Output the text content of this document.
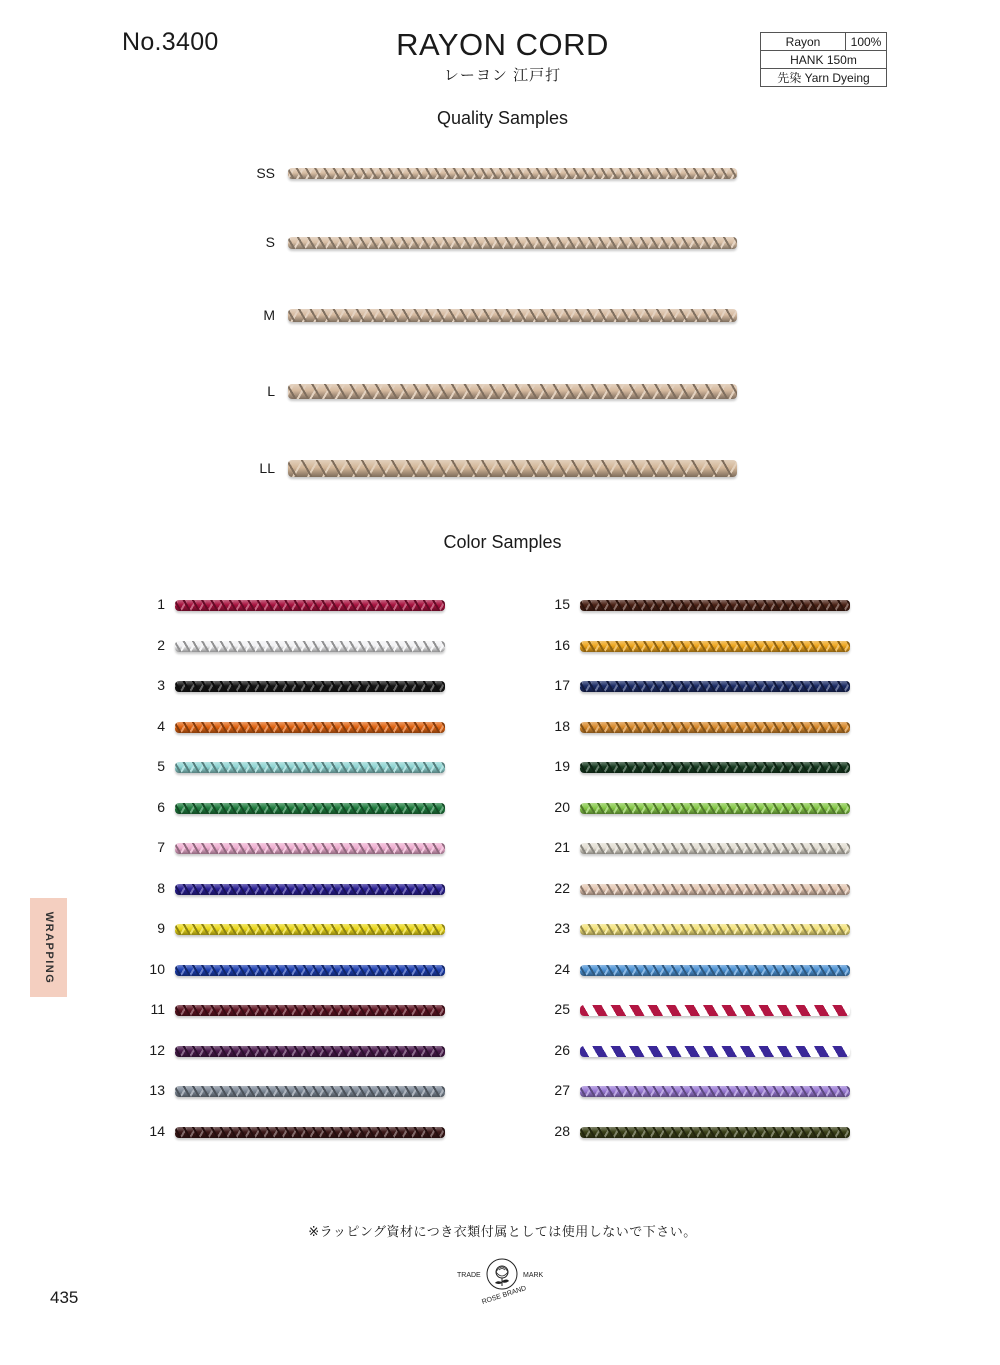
No.3400	RAYON CORD
レーヨン 江戸打
Rayon	100%
HANK 150m
先染 Yarn Dyeing
Quality Samples
SS
S
M
L
LL
Color Samples
1
2
3
4
5
6
7
8
9
10
11
12
13
14
15
16
17
18
19
20
21
22
23
24
25
26
27
28
WRAPPING
※ラッピング資材につき衣類付属としては使用しないで下さい。
TRADE	MARK
ROSE BRAND
435
